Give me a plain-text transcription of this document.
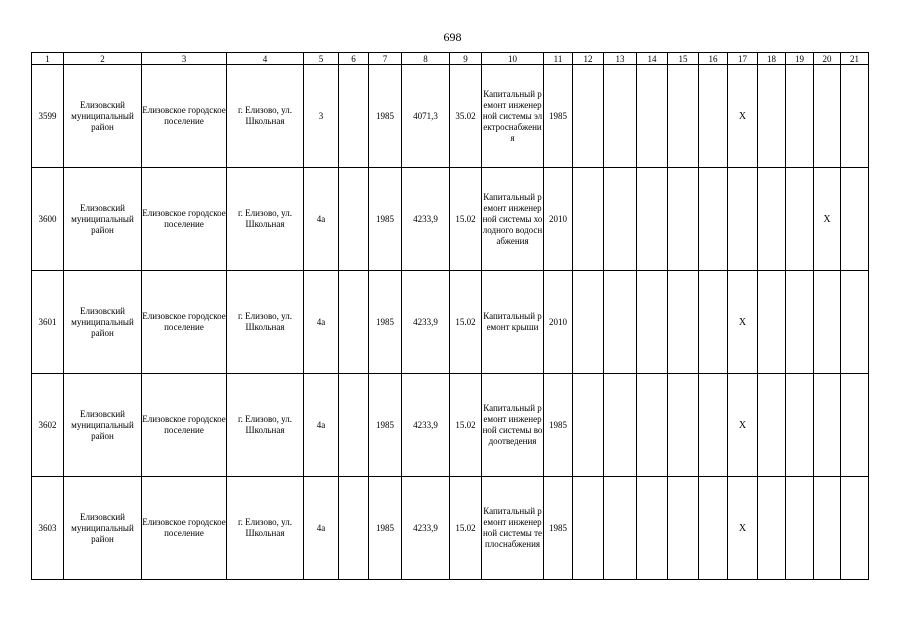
698
1	2	3	4	5	6	7	8	9	10	11	12	13	14	15	16	17	18	19	20	21
3599	Елизовский муниципальный район	Елизовское городское поселение	г. Елизово, ул. Школьная	3		1985	4071,3	35.02	Капитальный ремонт инженерной системы электроснабжения	1985						X				
3600	Елизовский муниципальный район	Елизовское городское поселение	г. Елизово, ул. Школьная	4а		1985	4233,9	15.02	Капитальный ремонт инженерной системы холодного водоснабжения	2010									X	
3601	Елизовский муниципальный район	Елизовское городское поселение	г. Елизово, ул. Школьная	4а		1985	4233,9	15.02	Капитальный ремонт крыши	2010						X				
3602	Елизовский муниципальный район	Елизовское городское поселение	г. Елизово, ул. Школьная	4а		1985	4233,9	15.02	Капитальный ремонт инженерной системы водоотведения	1985						X				
3603	Елизовский муниципальный район	Елизовское городское поселение	г. Елизово, ул. Школьная	4а		1985	4233,9	15.02	Капитальный ремонт инженерной системы теплоснабжения	1985						X				
